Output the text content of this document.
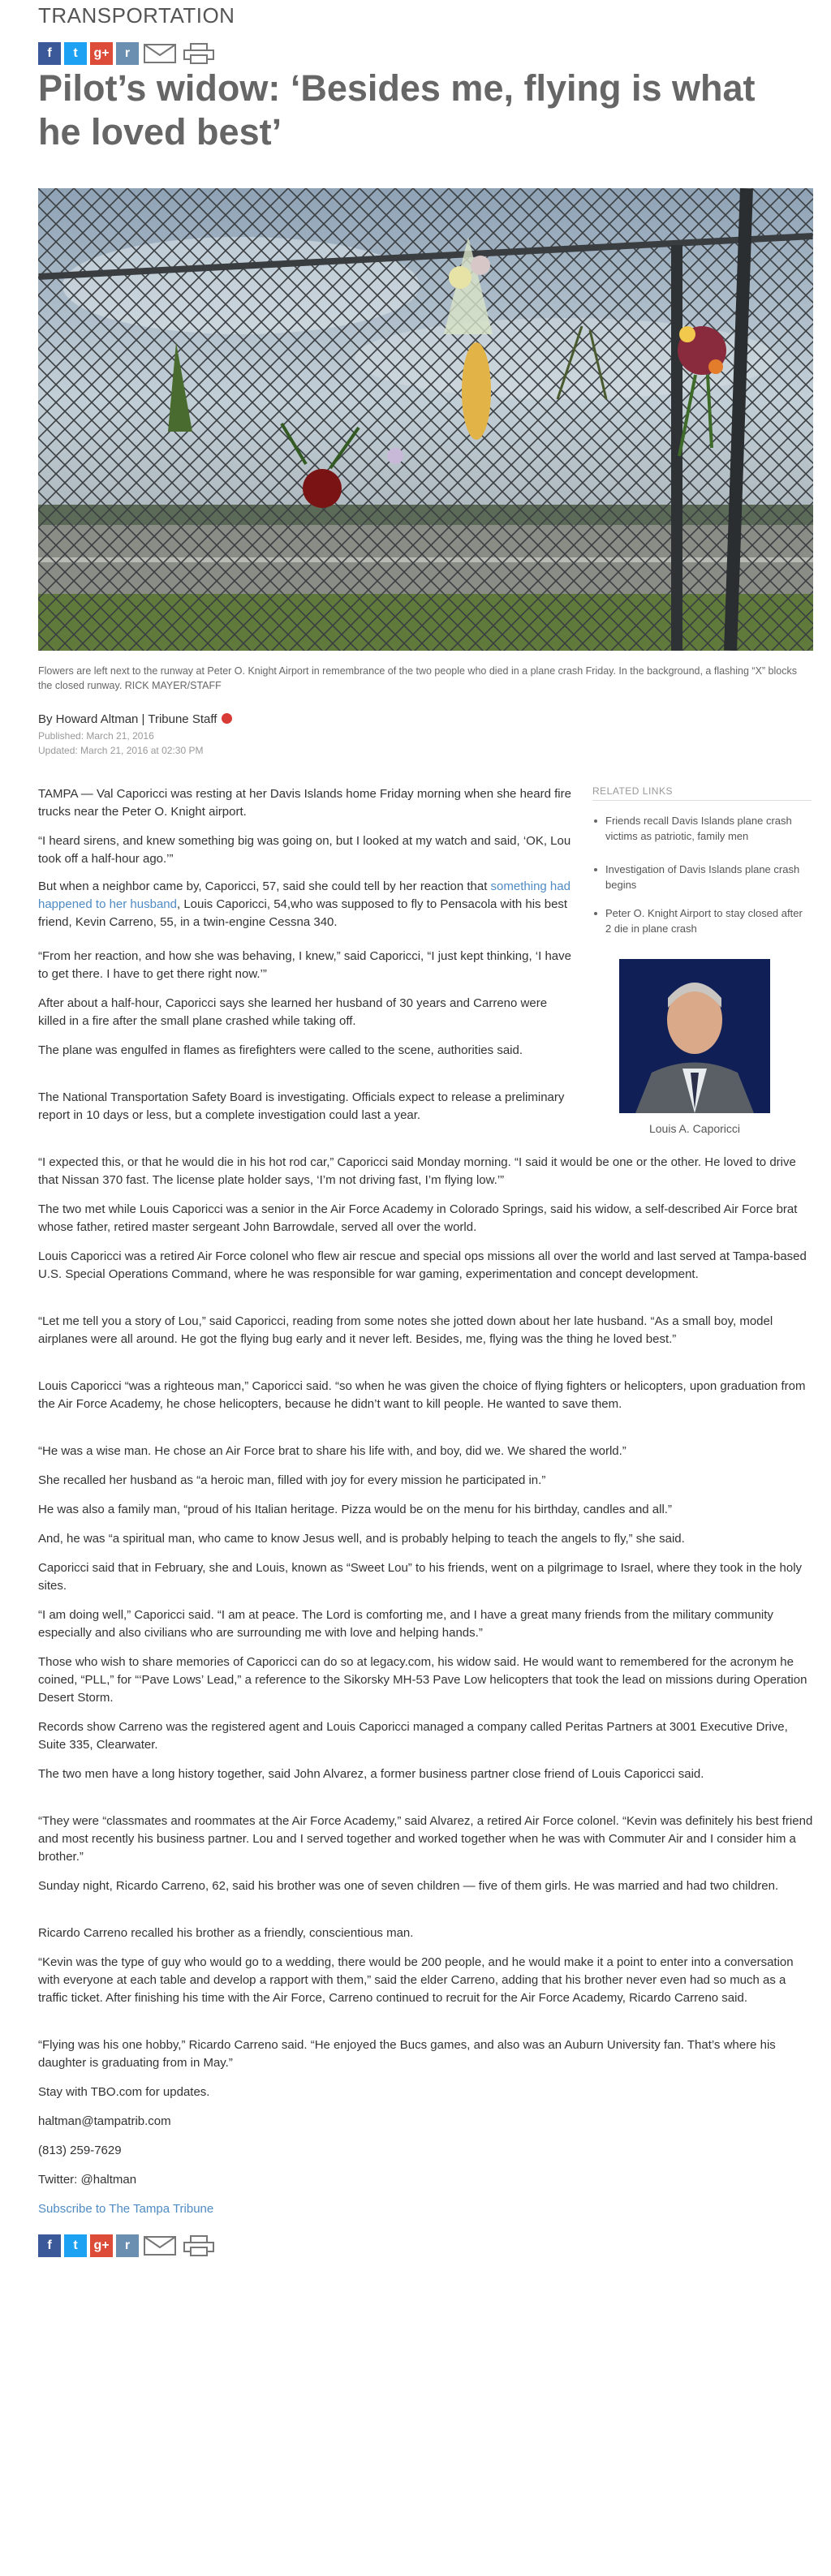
TRANSPORTATION
f	t	g+	r
Pilot’s widow: ‘Besides me, flying is what he loved best’

Flowers are left next to the runway at Peter O. Knight Airport in remembrance of the two people who died in a plane crash Friday. In the background, a flashing “X” blocks the closed runway. RICK MAYER/STAFF

By Howard Altman | Tribune Staff
Published: March 21, 2016
Updated: March 21, 2016 at 02:30 PM
RELATED LINKS
Friends recall Davis Islands plane crash victims as patriotic, family men
Investigation of Davis Islands plane crash begins
Peter O. Knight Airport to stay closed after 2 die in plane crash
Louis A. Caporicci

TAMPA — Val Caporicci was resting at her Davis Islands home Friday morning when she heard fire trucks near the Peter O. Knight airport.

“I heard sirens, and knew something big was going on, but I looked at my watch and said, ‘OK, Lou took off a half-hour ago.’”

But when a neighbor came by, Caporicci, 57, said she could tell by her reaction that something had happened to her husband, Louis Caporicci, 54,who was supposed to fly to Pensacola with his best friend, Kevin Carreno, 55, in a twin-engine Cessna 340.

“From her reaction, and how she was behaving, I knew,” said Caporicci, “I just kept thinking, ‘I have to get there. I have to get there right now.’”

After about a half-hour, Caporicci says she learned her husband of 30 years and Carreno were killed in a fire after the small plane crashed while taking off.

The plane was engulfed in flames as firefighters were called to the scene, authorities said.

The National Transportation Safety Board is investigating. Officials expect to release a preliminary report in 10 days or less, but a complete investigation could last a year.

“I expected this, or that he would die in his hot rod car,” Caporicci said Monday morning. “I said it would be one or the other. He loved to drive that Nissan 370 fast. The license plate holder says, ‘I’m not driving fast, I’m flying low.’”

The two met while Louis Caporicci was a senior in the Air Force Academy in Colorado Springs, said his widow, a self-described Air Force brat whose father, retired master sergeant John Barrowdale, served all over the world.

Louis Caporicci was a retired Air Force colonel who flew air rescue and special ops missions all over the world and last served at Tampa-based U.S. Special Operations Command, where he was responsible for war gaming, experimentation and concept development.

“Let me tell you a story of Lou,” said Caporicci, reading from some notes she jotted down about her late husband. “As a small boy, model airplanes were all around. He got the flying bug early and it never left. Besides, me, flying was the thing he loved best.”

Louis Caporicci “was a righteous man,” Caporicci said. “so when he was given the choice of flying fighters or helicopters, upon graduation from the Air Force Academy, he chose helicopters, because he didn’t want to kill people. He wanted to save them.

“He was a wise man. He chose an Air Force brat to share his life with, and boy, did we. We shared the world.”

She recalled her husband as “a heroic man, filled with joy for every mission he participated in.”

He was also a family man, “proud of his Italian heritage. Pizza would be on the menu for his birthday, candles and all.”

And, he was “a spiritual man, who came to know Jesus well, and is probably helping to teach the angels to fly,” she said.

Caporicci said that in February, she and Louis, known as “Sweet Lou” to his friends, went on a pilgrimage to Israel, where they took in the holy sites.

“I am doing well,” Caporicci said. “I am at peace. The Lord is comforting me, and I have a great many friends from the military community especially and also civilians who are surrounding me with love and helping hands.”

Those who wish to share memories of Caporicci can do so at legacy.com, his widow said. He would want to remembered for the acronym he coined, “PLL,” for “‘Pave Lows’ Lead,” a reference to the Sikorsky MH-53 Pave Low helicopters that took the lead on missions during Operation Desert Storm.

Records show Carreno was the registered agent and Louis Caporicci managed a company called Peritas Partners at 3001 Executive Drive, Suite 335, Clearwater.

The two men have a long history together, said John Alvarez, a former business partner close friend of Louis Caporicci said.

“They were “classmates and roommates at the Air Force Academy,” said Alvarez, a retired Air Force colonel. “Kevin was definitely his best friend and most recently his business partner. Lou and I served together and worked together when he was with Commuter Air and I consider him a brother.”

Sunday night, Ricardo Carreno, 62, said his brother was one of seven children — five of them girls. He was married and had two children.

Ricardo Carreno recalled his brother as a friendly, conscientious man.

“Kevin was the type of guy who would go to a wedding, there would be 200 people, and he would make it a point to enter into a conversation with everyone at each table and develop a rapport with them,” said the elder Carreno, adding that his brother never even had so much as a traffic ticket. After finishing his time with the Air Force, Carreno continued to recruit for the Air Force Academy, Ricardo Carreno said.

“Flying was his one hobby,” Ricardo Carreno said. “He enjoyed the Bucs games, and also was an Auburn University fan. That’s where his daughter is graduating from in May.”

Stay with TBO.com for updates.

haltman@tampatrib.com

(813) 259-7629

Twitter: @haltman

Subscribe to The Tampa Tribune

f	t	g+	r
